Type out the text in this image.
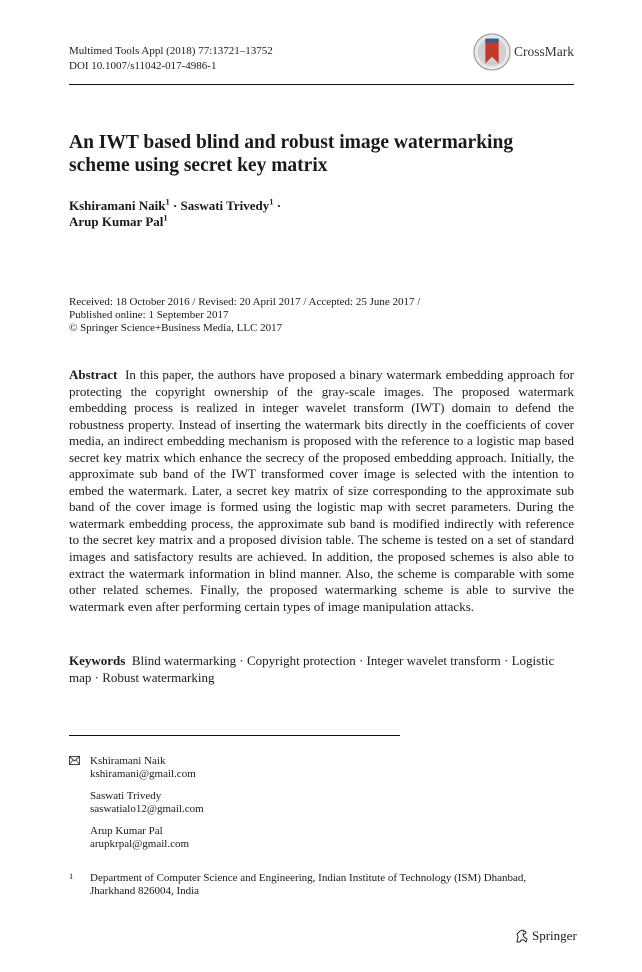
Multimed Tools Appl (2018) 77:13721–13752
DOI 10.1007/s11042-017-4986-1
CrossMark
An IWT based blind and robust image watermarking
scheme using secret key matrix
Kshiramani Naik$^1$ · Saswati Trivedy$^1$ ·
Arup Kumar Pal$^1$
Received: 18 October 2016 / Revised: 20 April 2017 / Accepted: 25 June 2017 /
Published online: 1 September 2017
© Springer Science+Business Media, LLC 2017

Abstract In this paper, the authors have proposed a binary watermark embedding approach for protecting the copyright ownership of the gray-scale images. The proposed watermark embedding process is realized in integer wavelet transform (IWT) domain to defend the robustness property. Instead of inserting the watermark bits directly in the coefficients of cover media, an indirect embedding mechanism is proposed with the reference to a logistic map based secret key matrix which enhance the secrecy of the proposed embedding approach. Initially, the approximate sub band of the IWT transformed cover image is selected with the intention to embed the watermark. Later, a secret key matrix of size corresponding to the approximate sub band of the cover image is formed using the logistic map with secret parameters. During the watermark embedding process, the approximate sub band is modified indirectly with reference to the secret key matrix and a proposed division table. The scheme is tested on a set of standard images and satisfactory results are achieved. In addition, the proposed schemes is also able to extract the watermark information in blind manner. Also, the scheme is comparable with some other related schemes. Finally, the proposed watermarking scheme is able to survive the watermark even after performing certain types of image manipulation attacks.

Keywords Blind watermarking · Copyright protection · Integer wavelet transform · Logistic map · Robust watermarking
Kshiramani Naik
kshiramani@gmail.com
Saswati Trivedy
saswatialo12@gmail.com
Arup Kumar Pal
arupkrpal@gmail.com
1 Department of Computer Science and Engineering, Indian Institute of Technology (ISM) Dhanbad, Jharkhand 826004, India
Springer
